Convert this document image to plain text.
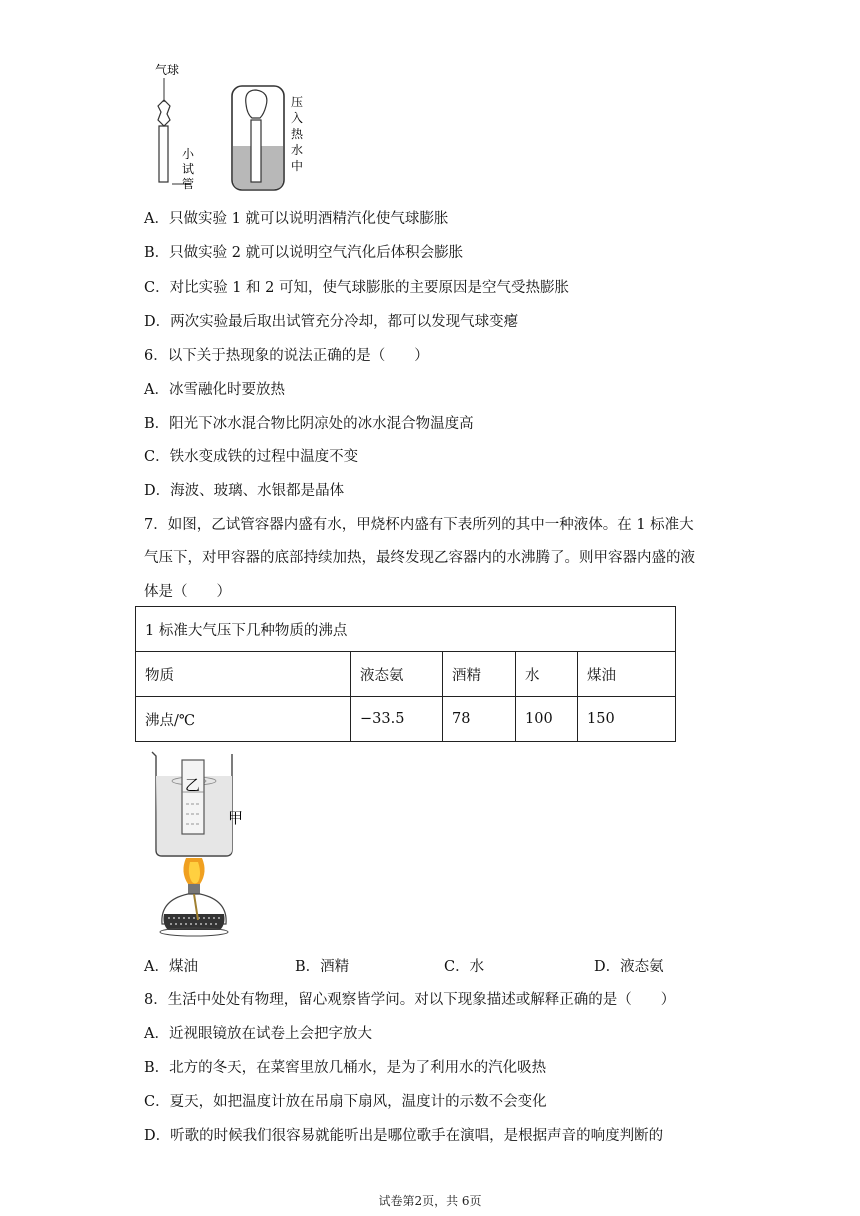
气球
小
试
管
压
入
热
水
中
A．只做实验 1 就可以说明酒精汽化使气球膨胀
B．只做实验 2 就可以说明空气汽化后体积会膨胀
C．对比实验 1 和 2 可知，使气球膨胀的主要原因是空气受热膨胀
D．两次实验最后取出试管充分冷却，都可以发现气球变瘪
6．以下关于热现象的说法正确的是（　　）
A．冰雪融化时要放热
B．阳光下冰水混合物比阴凉处的冰水混合物温度高
C．铁水变成铁的过程中温度不变
D．海波、玻璃、水银都是晶体
7．如图，乙试管容器内盛有水，甲烧杯内盛有下表所列的其中一种液体。在 1 标准大
气压下，对甲容器的底部持续加热，最终发现乙容器内的水沸腾了。则甲容器内盛的液
体是（　　）
1 标准大气压下几种物质的沸点				
物质	液态氨	酒精	水	煤油
沸点/℃	−33.5	78	100	150
乙
甲
A．煤油	B．酒精	C．水	D．液态氨
8．生活中处处有物理，留心观察皆学问。对以下现象描述或解释正确的是（　　）
A．近视眼镜放在试卷上会把字放大
B．北方的冬天，在菜窖里放几桶水，是为了利用水的汽化吸热
C．夏天，如把温度计放在吊扇下扇风，温度计的示数不会变化
D．听歌的时候我们很容易就能听出是哪位歌手在演唱，是根据声音的响度判断的
试卷第2页，共 6页
